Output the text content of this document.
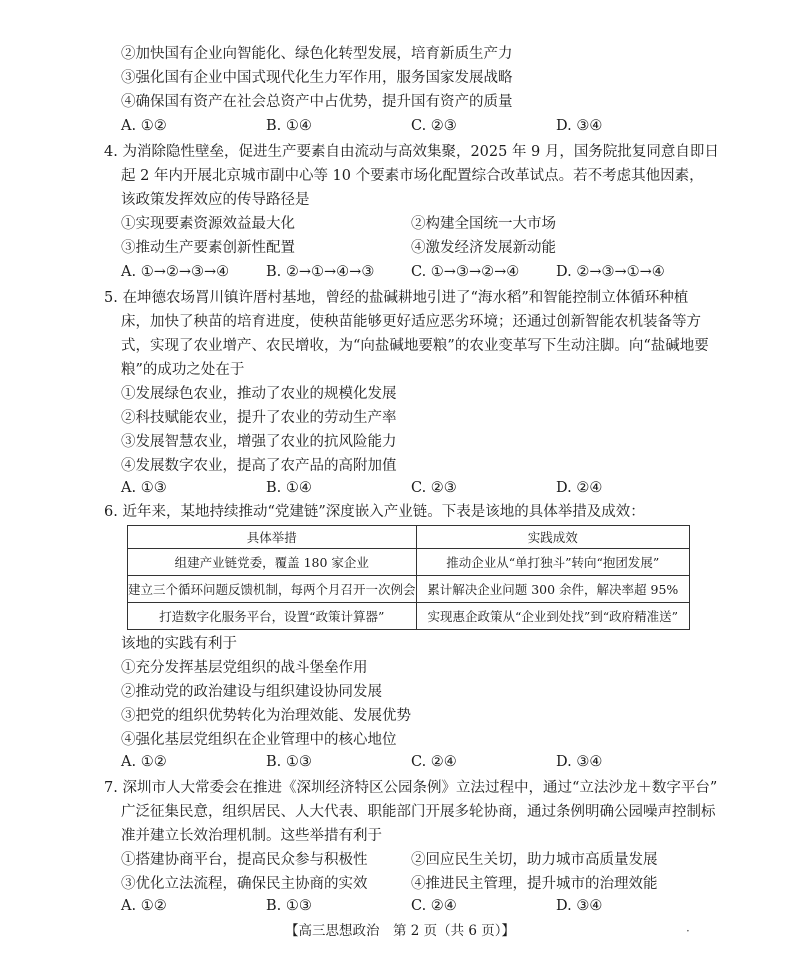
②加快国有企业向智能化、绿色化转型发展，培育新质生产力
③强化国有企业中国式现代化生力军作用，服务国家发展战略
④确保国有资产在社会总资产中占优势，提升国有资产的质量
A. ①②	B. ①④	C. ②③	D. ③④
4. 为消除隐性壁垒，促进生产要素自由流动与高效集聚，2025 年 9 月，国务院批复同意自即日
起 2 年内开展北京城市副中心等 10 个要素市场化配置综合改革试点。若不考虑其他因素，
该政策发挥效应的传导路径是
①实现要素资源效益最大化	②构建全国统一大市场
③推动生产要素创新性配置	④激发经济发展新动能
A. ①→②→③→④	B. ②→①→④→③	C. ①→③→②→④	D. ②→③→①→④
5. 在坤德农场罥川镇许厝村基地，曾经的盐碱耕地引进了“海水稻”和智能控制立体循环种植
床，加快了秧苗的培育进度，使秧苗能够更好适应恶劣环境；还通过创新智能农机装备等方
式，实现了农业增产、农民增收，为“向盐碱地要粮”的农业变革写下生动注脚。向“盐碱地要
粮”的成功之处在于
①发展绿色农业，推动了农业的规模化发展
②科技赋能农业，提升了农业的劳动生产率
③发展智慧农业，增强了农业的抗风险能力
④发展数字农业，提高了农产品的高附加值
A. ①③	B. ①④	C. ②③	D. ②④
6. 近年来，某地持续推动“党建链”深度嵌入产业链。下表是该地的具体举措及成效：
具体举措	实践成效
组建产业链党委，覆盖 180 家企业	推动企业从“单打独斗”转向“抱团发展”
建立三个循环问题反馈机制，每两个月召开一次例会	累计解决企业问题 300 余件，解决率超 95%
打造数字化服务平台，设置“政策计算器”	实现惠企政策从“企业到处找”到“政府精准送”
该地的实践有利于
①充分发挥基层党组织的战斗堡垒作用
②推动党的政治建设与组织建设协同发展
③把党的组织优势转化为治理效能、发展优势
④强化基层党组织在企业管理中的核心地位
A. ①②	B. ①③	C. ②④	D. ③④
7. 深圳市人大常委会在推进《深圳经济特区公园条例》立法过程中，通过“立法沙龙＋数字平台”
广泛征集民意，组织居民、人大代表、职能部门开展多轮协商，通过条例明确公园噪声控制标
准并建立长效治理机制。这些举措有利于
①搭建协商平台，提高民众参与积极性	②回应民生关切，助力城市高质量发展
③优化立法流程，确保民主协商的实效	④推进民主管理，提升城市的治理效能
A. ①②	B. ①③	C. ②④	D. ③④
【高三思想政治　第 2 页（共 6 页）】	·
